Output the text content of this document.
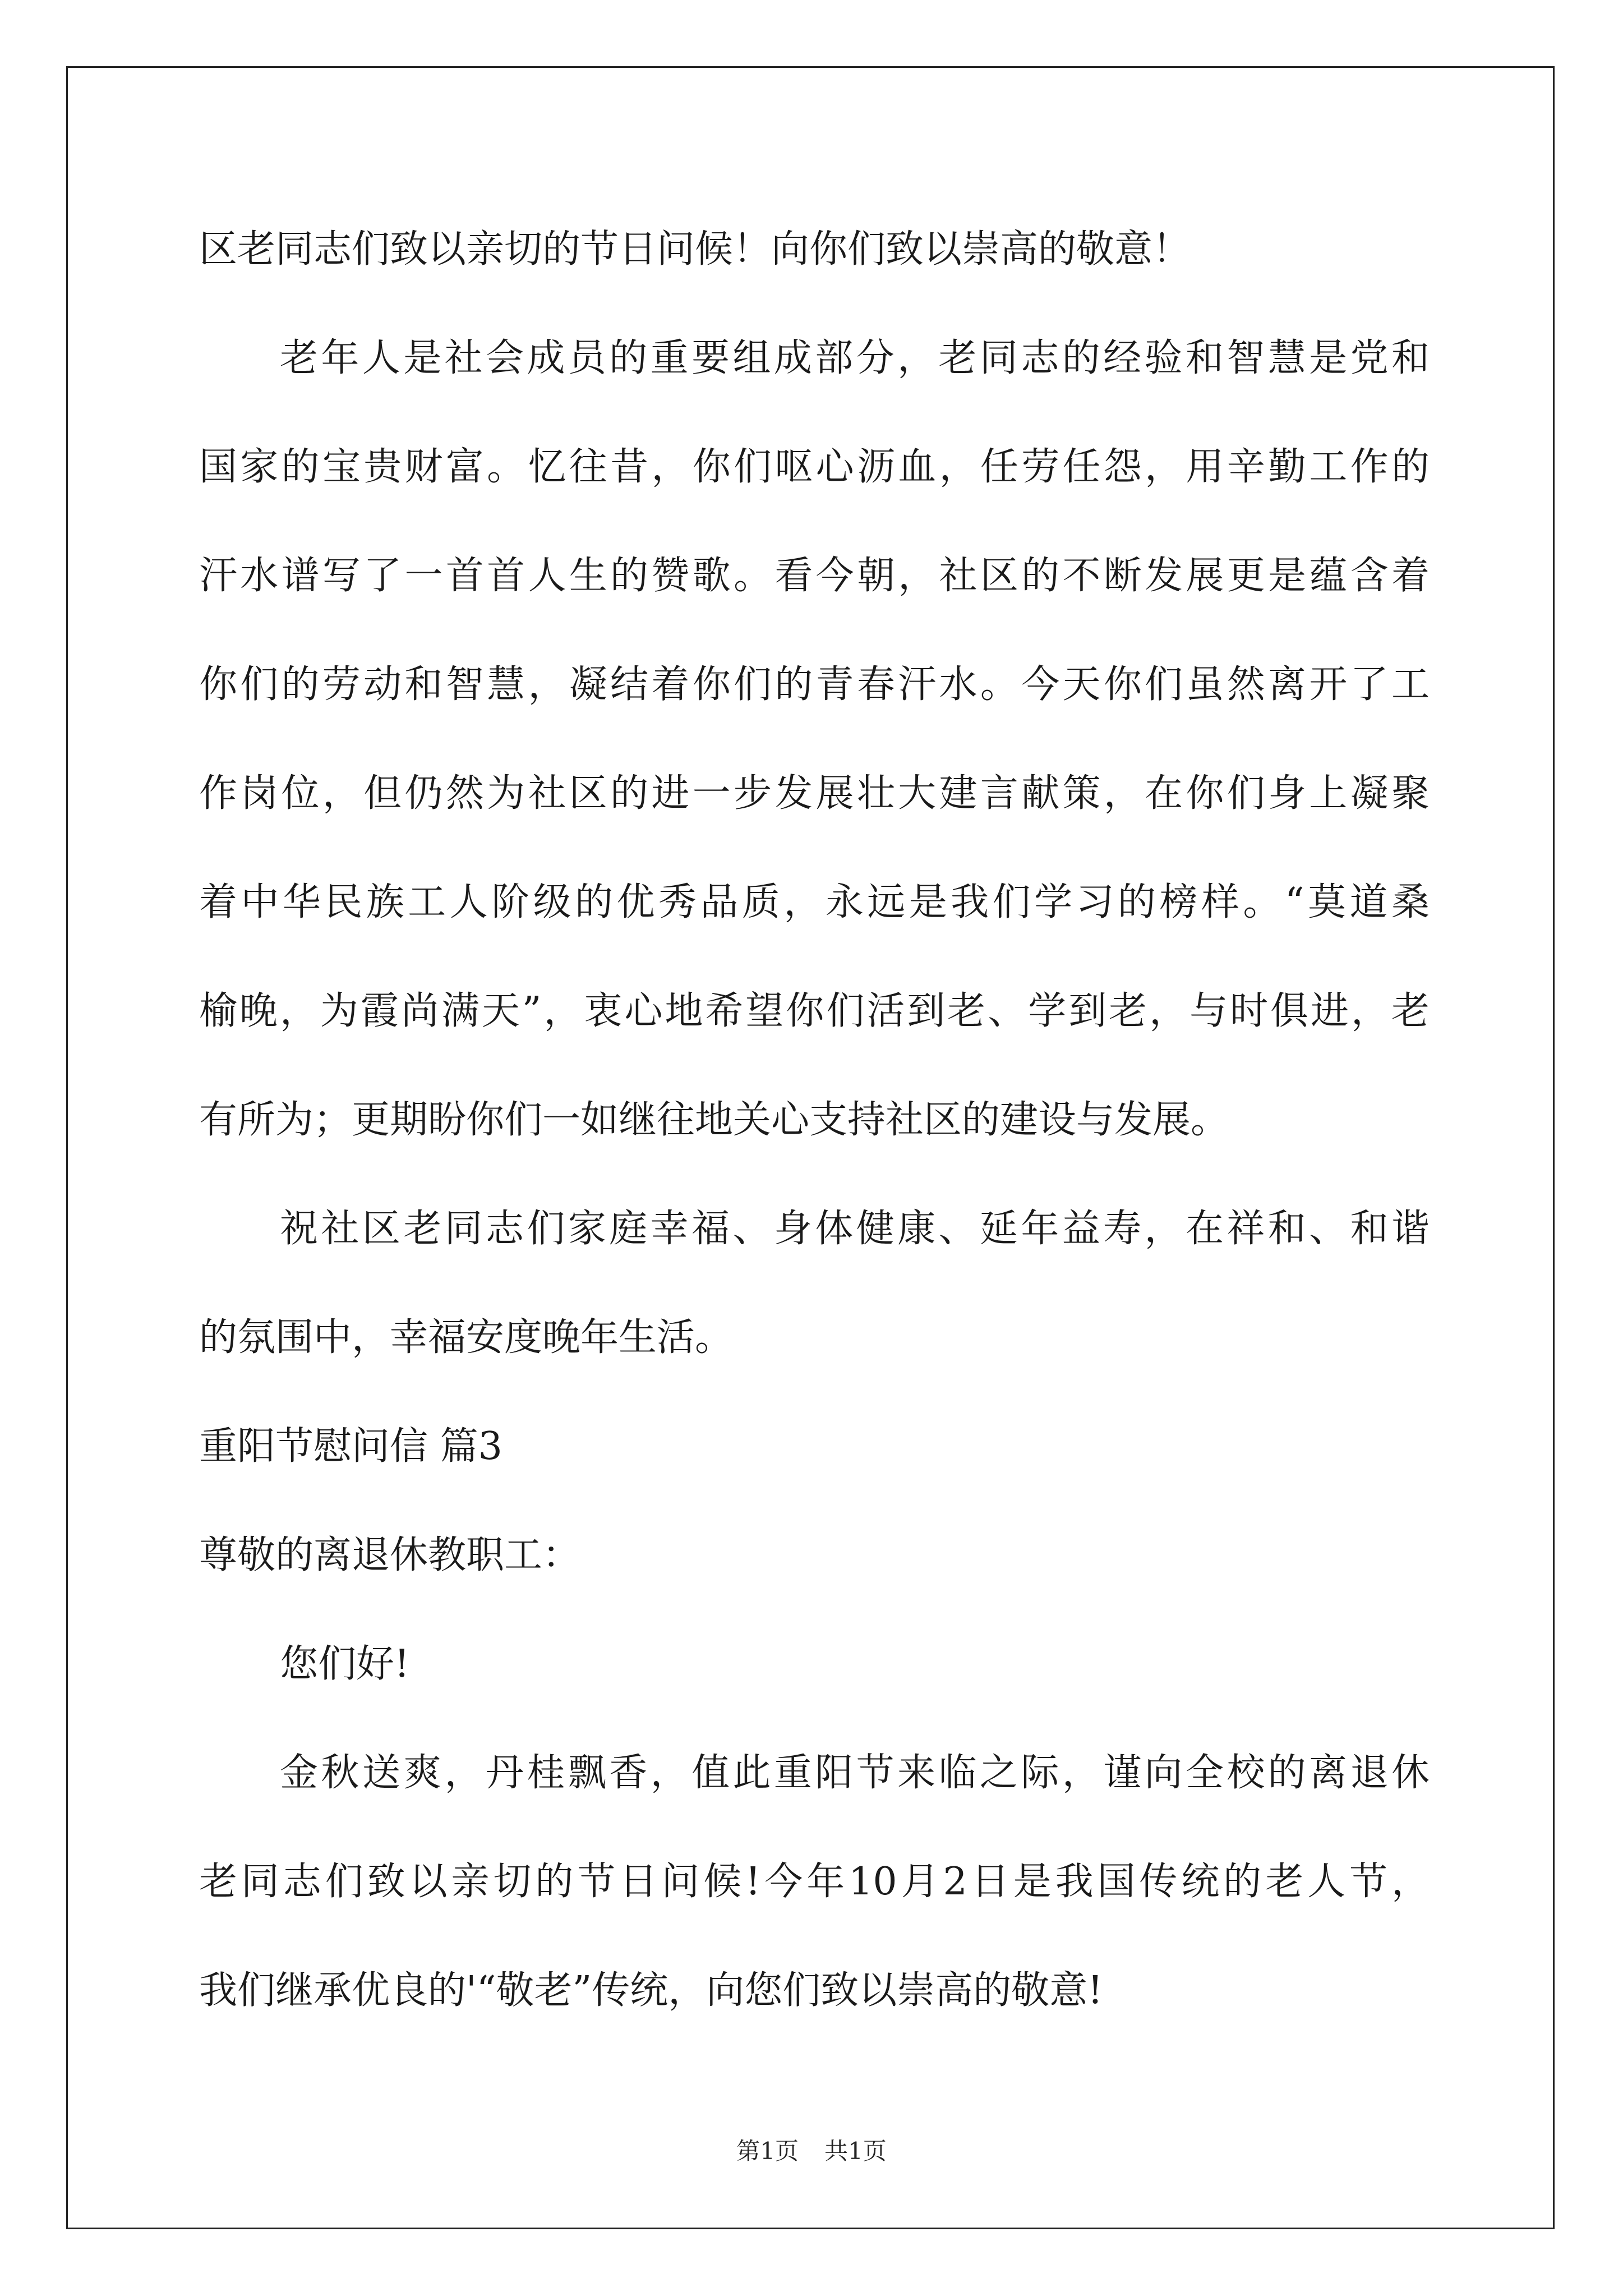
区老同志们致以亲切的节日问候！向你们致以崇高的敬意！
老年人是社会成员的重要组成部分，老同志的经验和智慧是党和
国家的宝贵财富。忆往昔，你们呕心沥血，任劳任怨，用辛勤工作的
汗水谱写了一首首人生的赞歌。看今朝，社区的不断发展更是蕴含着
你们的劳动和智慧，凝结着你们的青春汗水。今天你们虽然离开了工
作岗位，但仍然为社区的进一步发展壮大建言献策，在你们身上凝聚
着中华民族工人阶级的优秀品质，永远是我们学习的榜样。“莫道桑
榆晚，为霞尚满天”，衷心地希望你们活到老、学到老，与时俱进，老
有所为；更期盼你们一如继往地关心支持社区的建设与发展。
祝社区老同志们家庭幸福、身体健康、延年益寿，在祥和、和谐
的氛围中，幸福安度晚年生活。
重阳节慰问信 篇3
尊敬的离退休教职工：
您们好!
金秋送爽，丹桂飘香，值此重阳节来临之际，谨向全校的离退休
老同志们致以亲切的节日问候!今年10月2日是我国传统的老人节，
我们继承优良的'“敬老”传统，向您们致以崇高的敬意!
第1页 共1页
